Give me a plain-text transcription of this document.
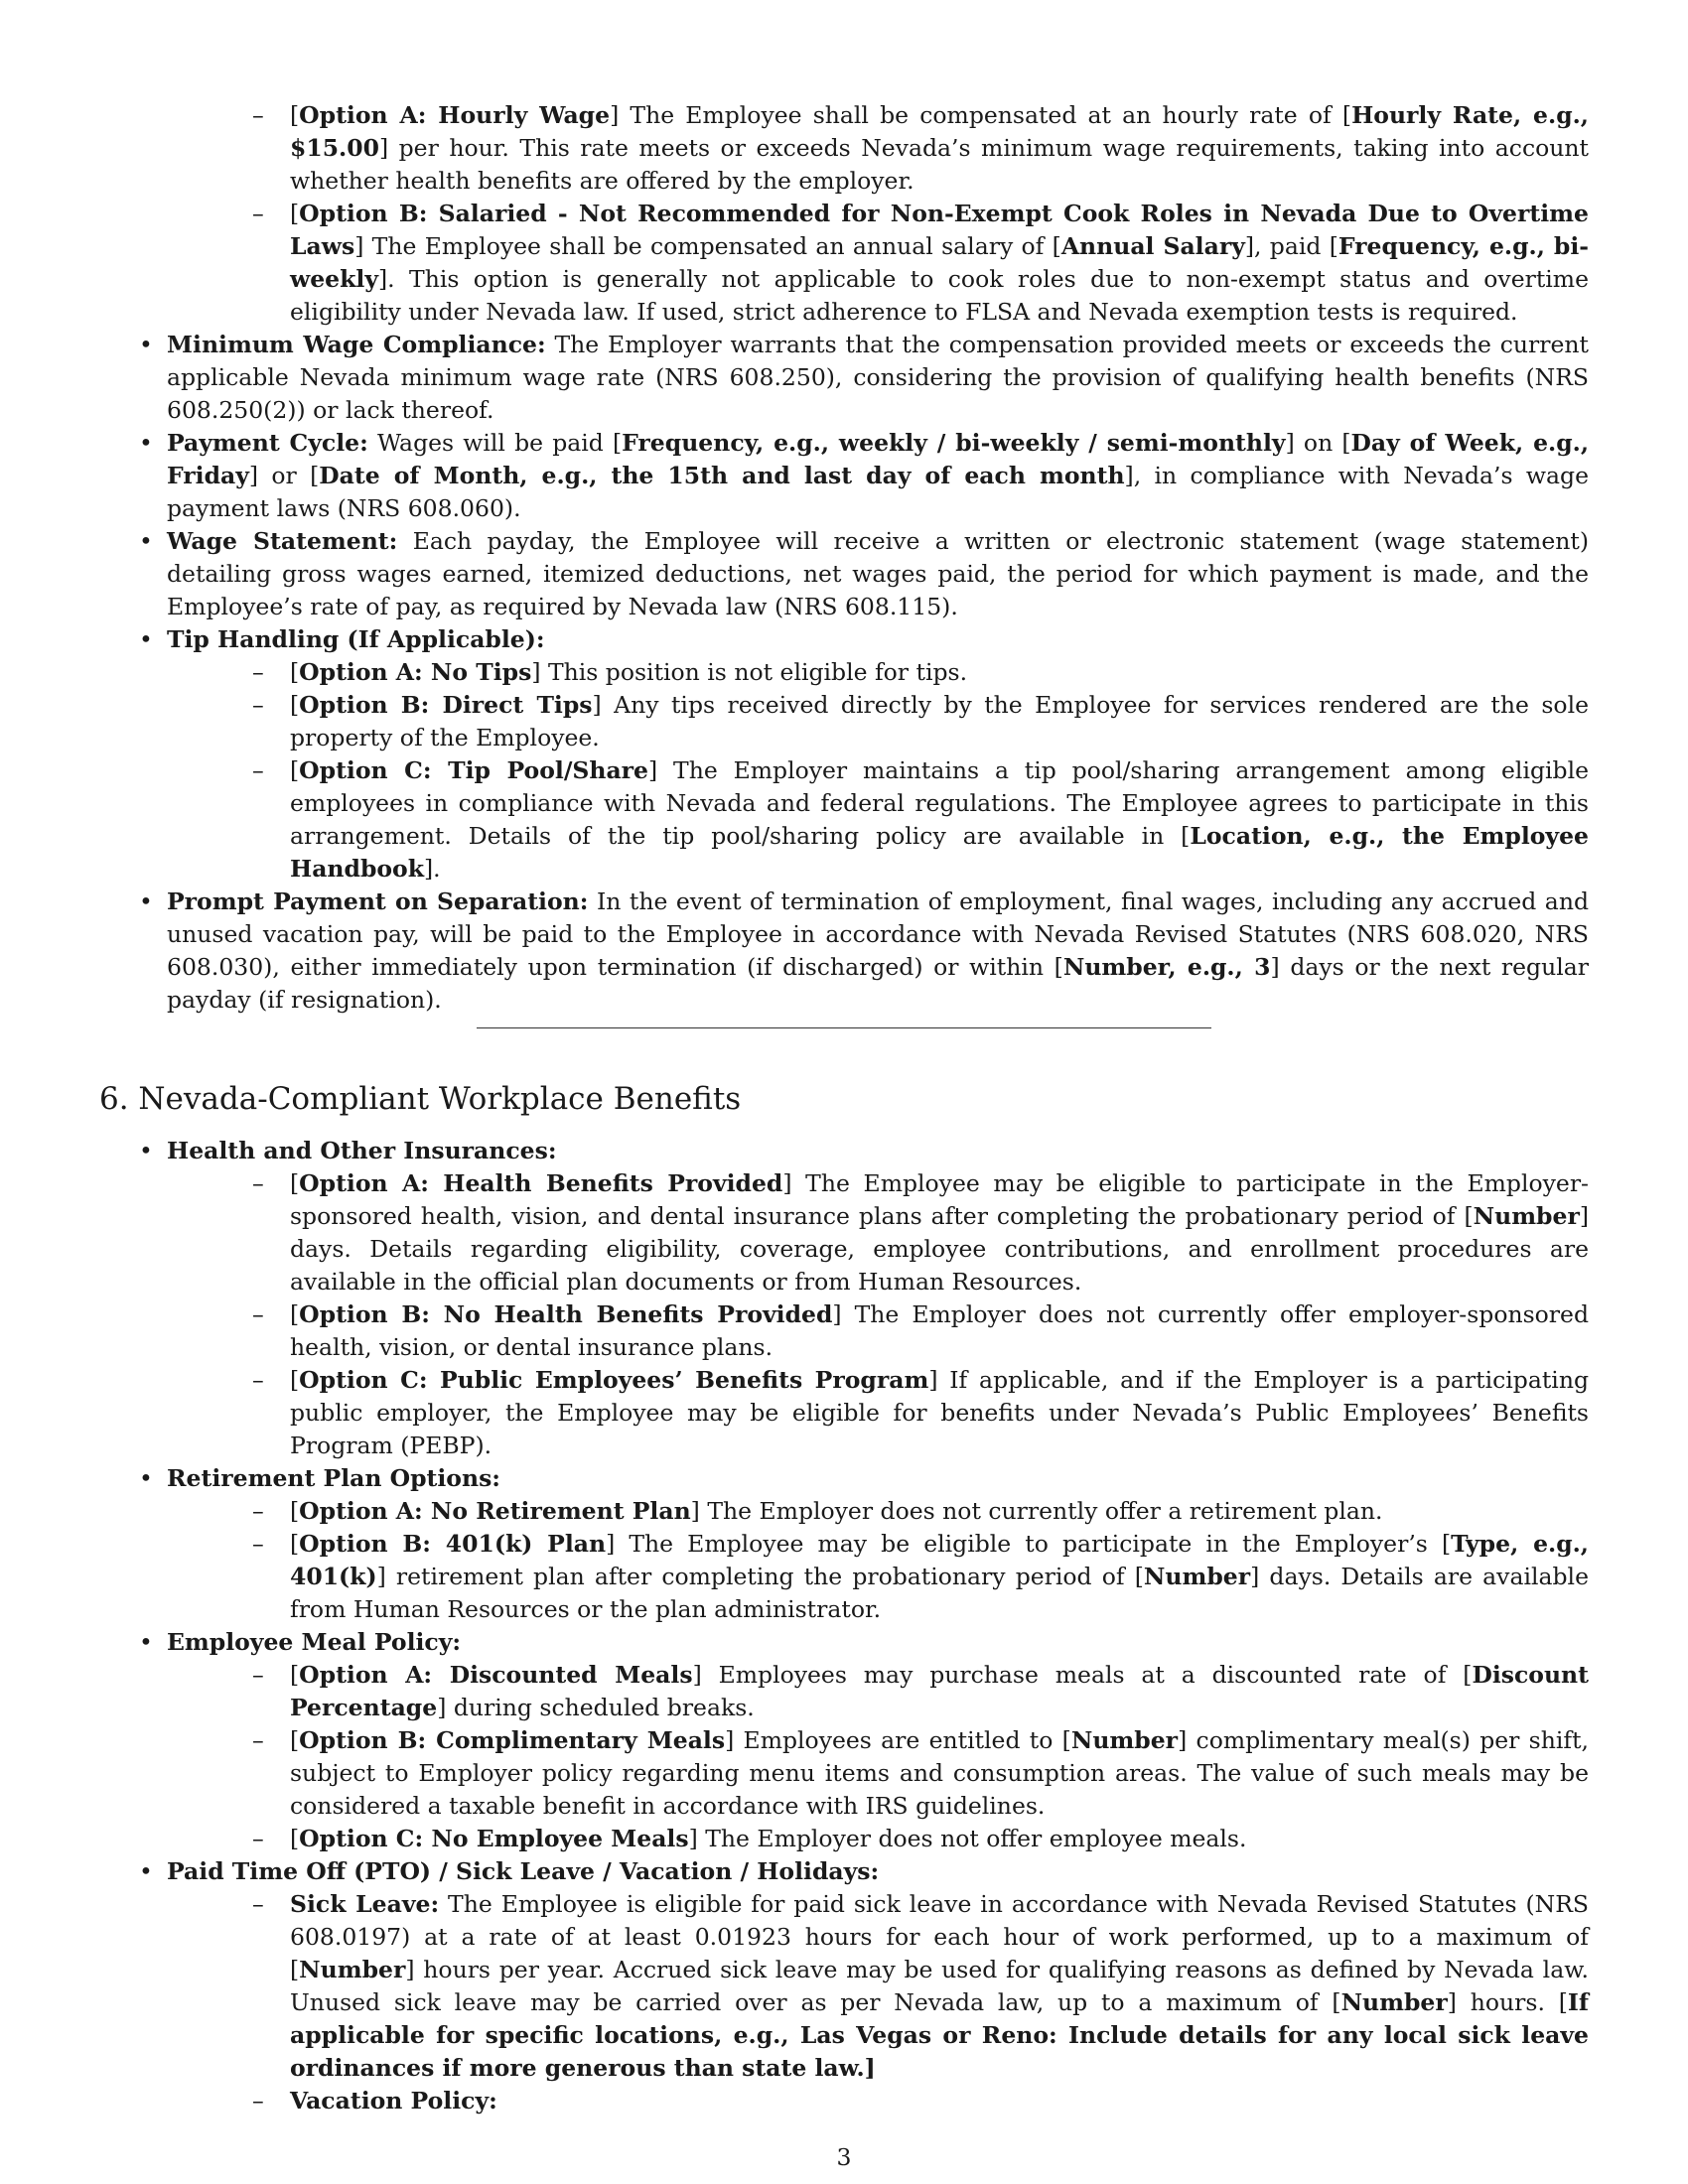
– [Option A: Hourly Wage] The Employee shall be compensated at an hourly rate of [Hourly Rate, e.g., $15.00] per hour. This rate meets or exceeds Nevada’s minimum wage requirements, taking into account whether health benefits are offered by the employer.

– [Option B: Salaried - Not Recommended for Non-Exempt Cook Roles in Nevada Due to Overtime Laws] The Employee shall be compensated an annual salary of [Annual Salary], paid [Frequency, e.g., bi-weekly]. This option is generally not applicable to cook roles due to non-exempt status and overtime eligibility under Nevada law. If used, strict adherence to FLSA and Nevada exemption tests is required.

• Minimum Wage Compliance: The Employer warrants that the compensation provided meets or exceeds the current applicable Nevada minimum wage rate (NRS 608.250), considering the provision of qualifying health benefits (NRS 608.250(2)) or lack thereof.

• Payment Cycle: Wages will be paid [Frequency, e.g., weekly / bi-weekly / semi-monthly] on [Day of Week, e.g., Friday] or [Date of Month, e.g., the 15th and last day of each month], in compliance with Nevada’s wage payment laws (NRS 608.060).

• Wage Statement: Each payday, the Employee will receive a written or electronic statement (wage statement) detailing gross wages earned, itemized deductions, net wages paid, the period for which payment is made, and the Employee’s rate of pay, as required by Nevada law (NRS 608.115).

• Tip Handling (If Applicable):

– [Option A: No Tips] This position is not eligible for tips.

– [Option B: Direct Tips] Any tips received directly by the Employee for services rendered are the sole property of the Employee.

– [Option C: Tip Pool/Share] The Employer maintains a tip pool/sharing arrangement among eligible employees in compliance with Nevada and federal regulations. The Employee agrees to participate in this arrangement. Details of the tip pool/sharing policy are available in [Location, e.g., the Employee Handbook].

• Prompt Payment on Separation: In the event of termination of employment, final wages, including any accrued and unused vacation pay, will be paid to the Employee in accordance with Nevada Revised Statutes (NRS 608.020, NRS 608.030), either immediately upon termination (if discharged) or within [Number, e.g., 3] days or the next regular payday (if resignation).

6. Nevada-Compliant Workplace Benefits

• Health and Other Insurances:

– [Option A: Health Benefits Provided] The Employee may be eligible to participate in the Employer-sponsored health, vision, and dental insurance plans after completing the probationary period of [Number] days. Details regarding eligibility, coverage, employee contributions, and enrollment procedures are available in the official plan documents or from Human Resources.

– [Option B: No Health Benefits Provided] The Employer does not currently offer employer-sponsored health, vision, or dental insurance plans.

– [Option C: Public Employees’ Benefits Program] If applicable, and if the Employer is a participating public employer, the Employee may be eligible for benefits under Nevada’s Public Employees’ Benefits Program (PEBP).

• Retirement Plan Options:

– [Option A: No Retirement Plan] The Employer does not currently offer a retirement plan.

– [Option B: 401(k) Plan] The Employee may be eligible to participate in the Employer’s [Type, e.g., 401(k)] retirement plan after completing the probationary period of [Number] days. Details are available from Human Resources or the plan administrator.

• Employee Meal Policy:

– [Option A: Discounted Meals] Employees may purchase meals at a discounted rate of [Discount Percentage] during scheduled breaks.

– [Option B: Complimentary Meals] Employees are entitled to [Number] complimentary meal(s) per shift, subject to Employer policy regarding menu items and consumption areas. The value of such meals may be considered a taxable benefit in accordance with IRS guidelines.

– [Option C: No Employee Meals] The Employer does not offer employee meals.

• Paid Time Off (PTO) / Sick Leave / Vacation / Holidays:

– Sick Leave: The Employee is eligible for paid sick leave in accordance with Nevada Revised Statutes (NRS 608.0197) at a rate of at least 0.01923 hours for each hour of work performed, up to a maximum of [Number] hours per year. Accrued sick leave may be used for qualifying reasons as defined by Nevada law. Unused sick leave may be carried over as per Nevada law, up to a maximum of [Number] hours. [If applicable for specific locations, e.g., Las Vegas or Reno: Include details for any local sick leave ordinances if more generous than state law.]

– Vacation Policy:

3
